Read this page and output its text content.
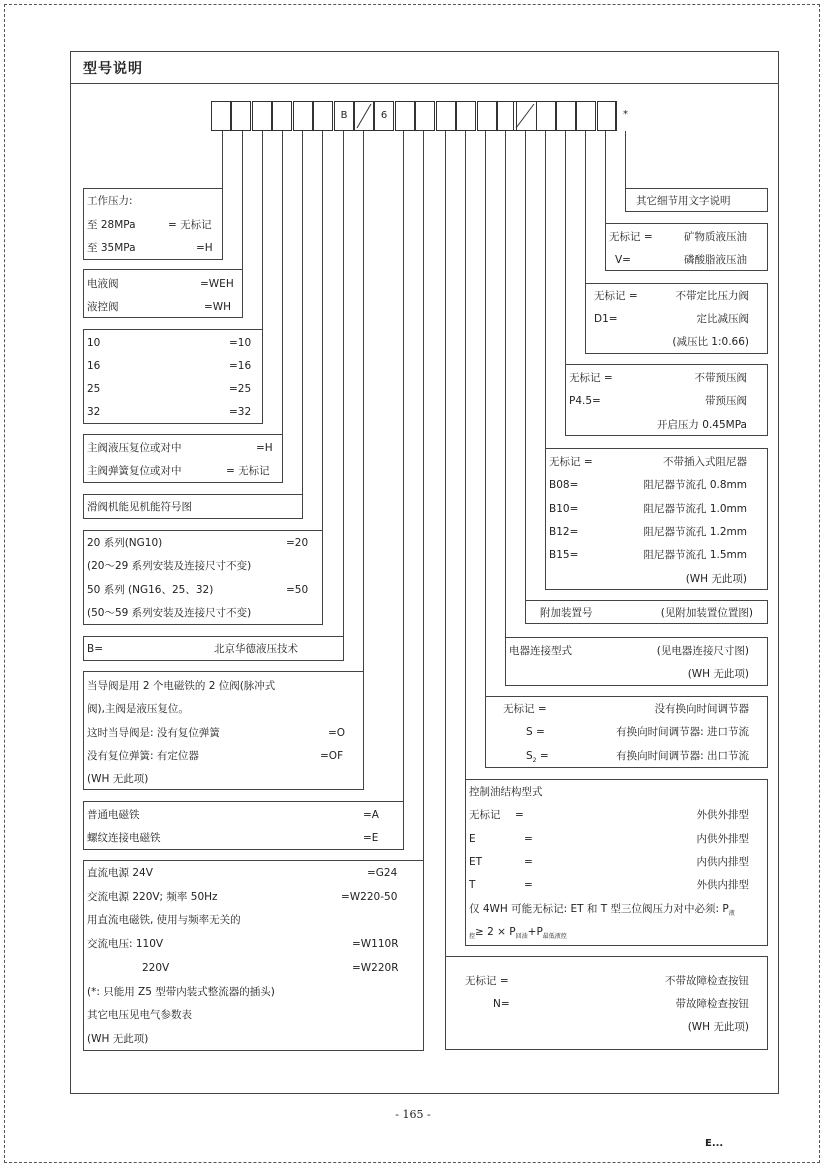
型号说明
B	6	*
工作压力:
至 28MPa	= 无标记
至 35MPa	=H
电液阀	=WEH
液控阀	=WH
10	=10
16	=16
25	=25
32	=32
主阀液压复位或对中	=H
主阀弹簧复位或对中	= 无标记
滑阀机能见机能符号图
20 系列(NG10)	=20
(20～29 系列安装及连接尺寸不变)
50 系列 (NG16、25、32)	=50
(50～59 系列安装及连接尺寸不变)
B=	北京华德液压技术
当导阀是用 2 个电磁铁的 2 位阀(脉冲式
阀),主阀是液压复位。
这时当导阀是: 没有复位弹簧	=O
没有复位弹簧: 有定位器	=OF
(WH 无此项)
普通电磁铁	=A
螺纹连接电磁铁	=E
直流电源 24V	=G24
交流电源 220V; 频率 50Hz	=W220-50
用直流电磁铁, 使用与频率无关的
交流电压: 110V	=W110R
220V	=W220R
(*: 只能用 Z5 型带内装式整流器的插头)
其它电压见电气参数表
(WH 无此项)
其它细节用文字说明
无标记 =	矿物质液压油
V=	磷酸脂液压油
无标记 =	不带定比压力阀
D1=	定比减压阀
(减压比 1:0.66)
无标记 =	不带预压阀
P4.5=	带预压阀
开启压力 0.45MPa
无标记 =	不带插入式阻尼器
B08=	阻尼器节流孔 0.8mm
B10=	阻尼器节流孔 1.0mm
B12=	阻尼器节流孔 1.2mm
B15=	阻尼器节流孔 1.5mm
(WH 无此项)
附加装置号	(见附加装置位置图)
电器连接型式	(见电器连接尺寸图)
(WH 无此项)
无标记 =	没有换向时间调节器
S =	有换向时间调节器: 进口节流
$S_2$ =	有换向时间调节器: 出口节流
控制油结构型式
无标记 =	外供外排型
E	=	内供外排型
ET	=	内供内排型
T	=	外供内排型
仅 4WH 可能无标记: ET 和 T 型三位阀压力对中必须: $P_液$
$_控\ge 2 \times P_{回油}+P_{最低液控}$
无标记 =	不带故障检查按钮
N=	带故障检查按钮
(WH 无此项)
- 165 -
E...
